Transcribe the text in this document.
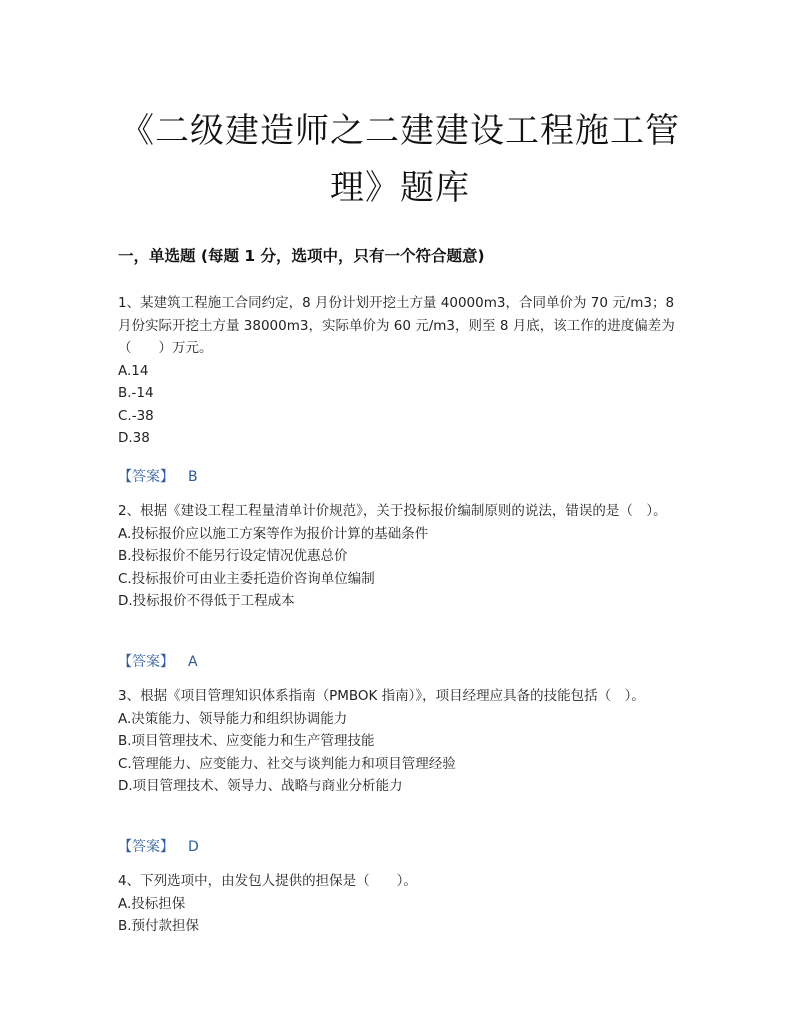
《二级建造师之二建建设工程施工管
理》题库
一，单选题 (每题 1 分，选项中，只有一个符合题意)

1、某建筑工程施工合同约定，8 月份计划开挖土方量 40000m3，合同单价为 70 元/m3；8 月份实际开挖土方量 38000m3，实际单价为 60 元/m3，则至 8 月底，该工作的进度偏差为（　　）万元。

A.14
B.-14
C.-38
D.38
【答案】 B

2、根据《建设工程工程量清单计价规范》，关于投标报价编制原则的说法，错误的是（　）。

A.投标报价应以施工方案等作为报价计算的基础条件
B.投标报价不能另行设定情况优惠总价
C.投标报价可由业主委托造价咨询单位编制
D.投标报价不得低于工程成本
【答案】 A

3、根据《项目管理知识体系指南（PMBOK 指南）》，项目经理应具备的技能包括（　）。

A.决策能力、领导能力和组织协调能力
B.项目管理技术、应变能力和生产管理技能
C.管理能力、应变能力、社交与谈判能力和项目管理经验
D.项目管理技术、领导力、战略与商业分析能力
【答案】 D

4、下列选项中，由发包人提供的担保是（　　）。

A.投标担保
B.预付款担保
